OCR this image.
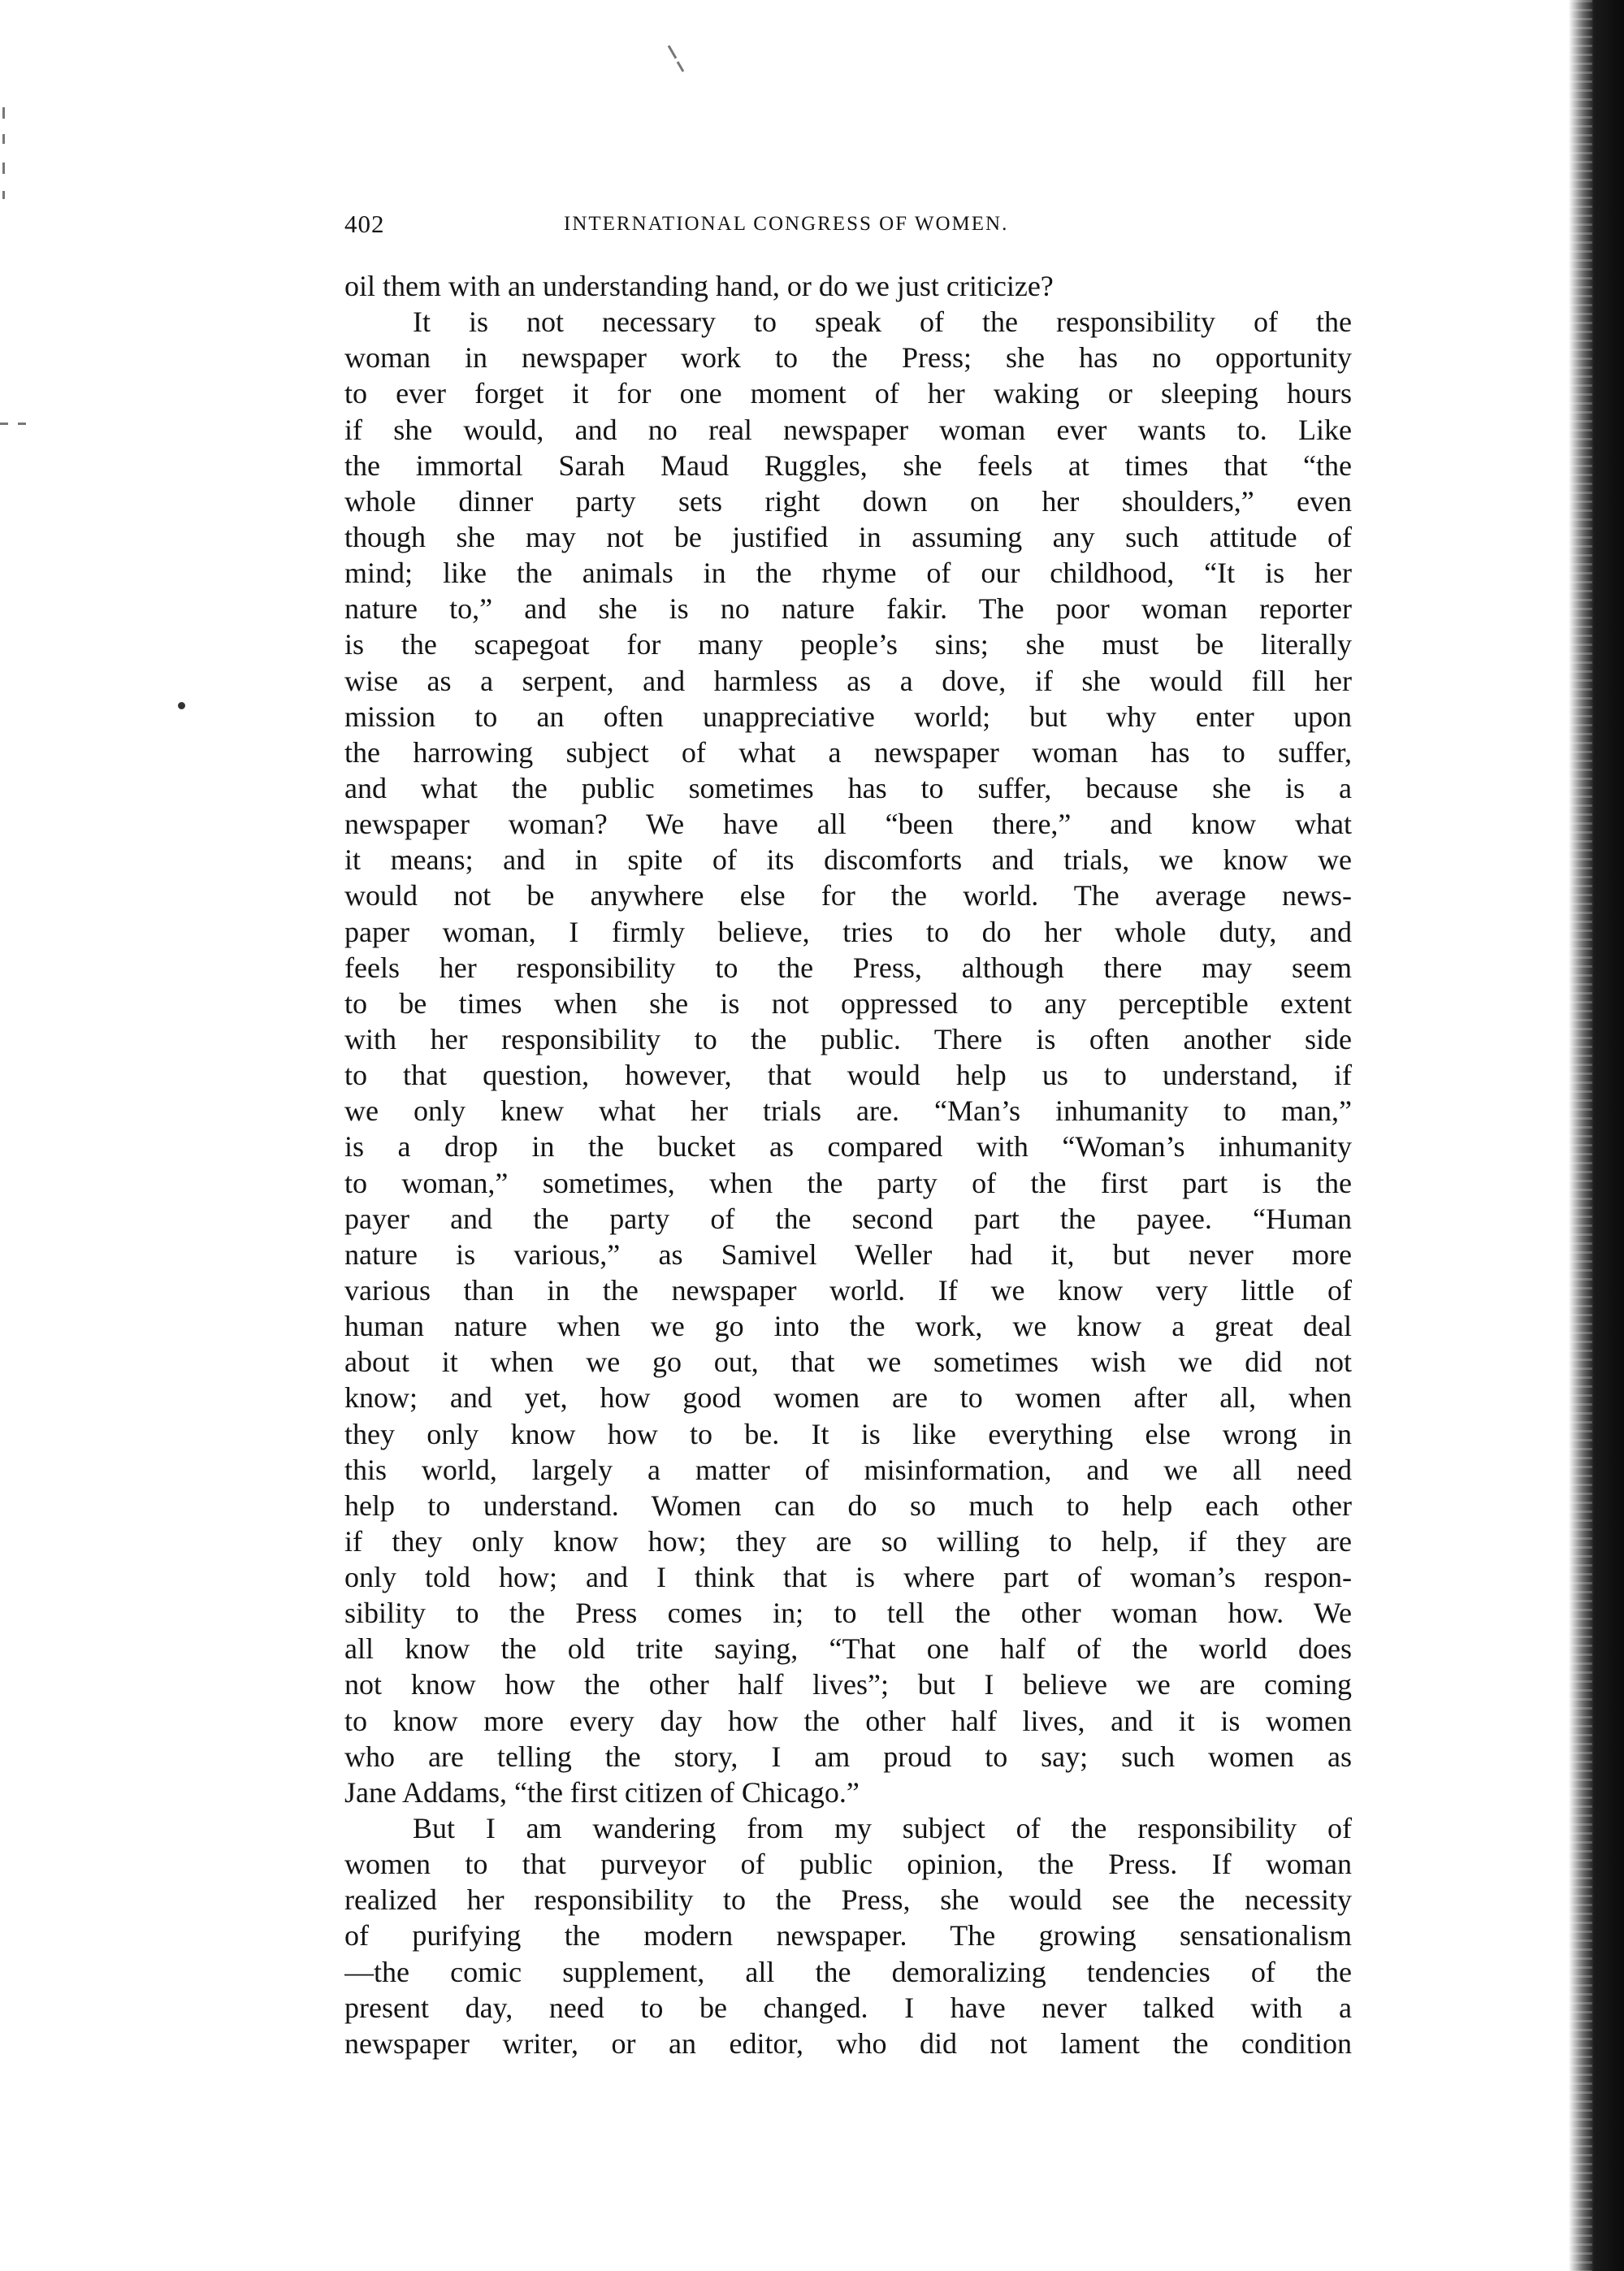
402	INTERNATIONAL CONGRESS OF WOMEN.
oil them with an understanding hand, or do we just criticize?
It is not necessary to speak of the responsibility of the
woman in newspaper work to the Press; she has no opportunity
to ever forget it for one moment of her waking or sleeping hours
if she would, and no real newspaper woman ever wants to. Like
the immortal Sarah Maud Ruggles, she feels at times that “the
whole dinner party sets right down on her shoulders,” even
though she may not be justified in assuming any such attitude of
mind; like the animals in the rhyme of our childhood, “It is her
nature to,” and she is no nature fakir. The poor woman reporter
is the scapegoat for many people’s sins; she must be literally
wise as a serpent, and harmless as a dove, if she would fill her
mission to an often unappreciative world; but why enter upon
the harrowing subject of what a newspaper woman has to suffer,
and what the public sometimes has to suffer, because she is a
newspaper woman? We have all “been there,” and know what
it means; and in spite of its discomforts and trials, we know we
would not be anywhere else for the world. The average news-
paper woman, I firmly believe, tries to do her whole duty, and
feels her responsibility to the Press, although there may seem
to be times when she is not oppressed to any perceptible extent
with her responsibility to the public. There is often another side
to that question, however, that would help us to understand, if
we only knew what her trials are. “Man’s inhumanity to man,”
is a drop in the bucket as compared with “Woman’s inhumanity
to woman,” sometimes, when the party of the first part is the
payer and the party of the second part the payee. “Human
nature is various,” as Samivel Weller had it, but never more
various than in the newspaper world. If we know very little of
human nature when we go into the work, we know a great deal
about it when we go out, that we sometimes wish we did not
know; and yet, how good women are to women after all, when
they only know how to be. It is like everything else wrong in
this world, largely a matter of misinformation, and we all need
help to understand. Women can do so much to help each other
if they only know how; they are so willing to help, if they are
only told how; and I think that is where part of woman’s respon-
sibility to the Press comes in; to tell the other woman how. We
all know the old trite saying, “That one half of the world does
not know how the other half lives”; but I believe we are coming
to know more every day how the other half lives, and it is women
who are telling the story, I am proud to say; such women as
Jane Addams, “the first citizen of Chicago.”
But I am wandering from my subject of the responsibility of
women to that purveyor of public opinion, the Press. If woman
realized her responsibility to the Press, she would see the necessity
of purifying the modern newspaper. The growing sensationalism
—the comic supplement, all the demoralizing tendencies of the
present day, need to be changed. I have never talked with a
newspaper writer, or an editor, who did not lament the condition
